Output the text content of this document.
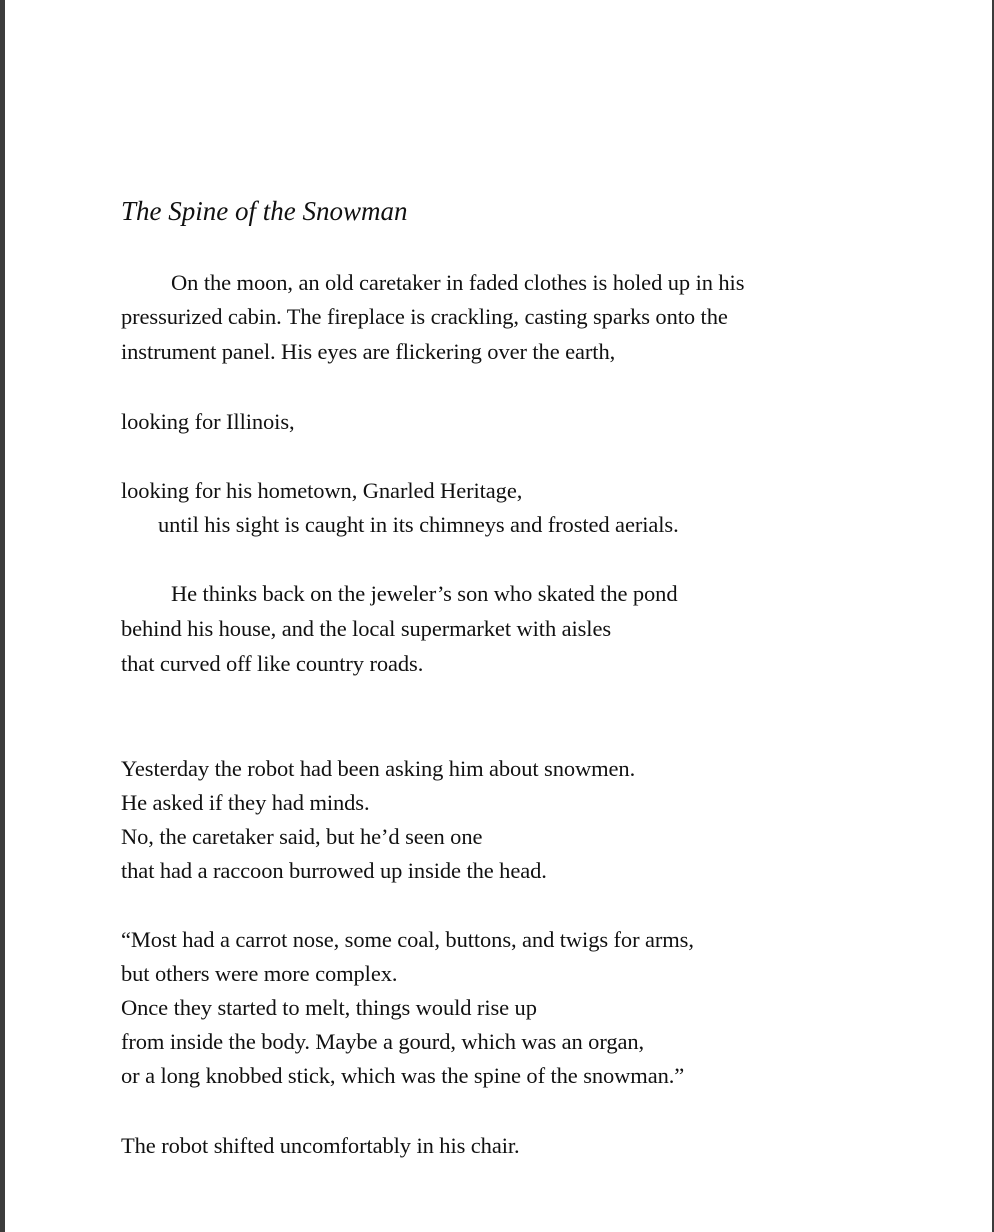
The Spine of the Snowman
On the moon, an old caretaker in faded clothes is holed up in his
pressurized cabin. The fireplace is crackling, casting sparks onto the
instrument panel. His eyes are flickering over the earth,
looking for Illinois,
looking for his hometown, Gnarled Heritage,
until his sight is caught in its chimneys and frosted aerials.
He thinks back on the jeweler’s son who skated the pond
behind his house, and the local supermarket with aisles
that curved off like country roads.
Yesterday the robot had been asking him about snowmen.
He asked if they had minds.
No, the caretaker said, but he’d seen one
that had a raccoon burrowed up inside the head.
“Most had a carrot nose, some coal, buttons, and twigs for arms,
but others were more complex.
Once they started to melt, things would rise up
from inside the body. Maybe a gourd, which was an organ,
or a long knobbed stick, which was the spine of the snowman.”
The robot shifted uncomfortably in his chair.
